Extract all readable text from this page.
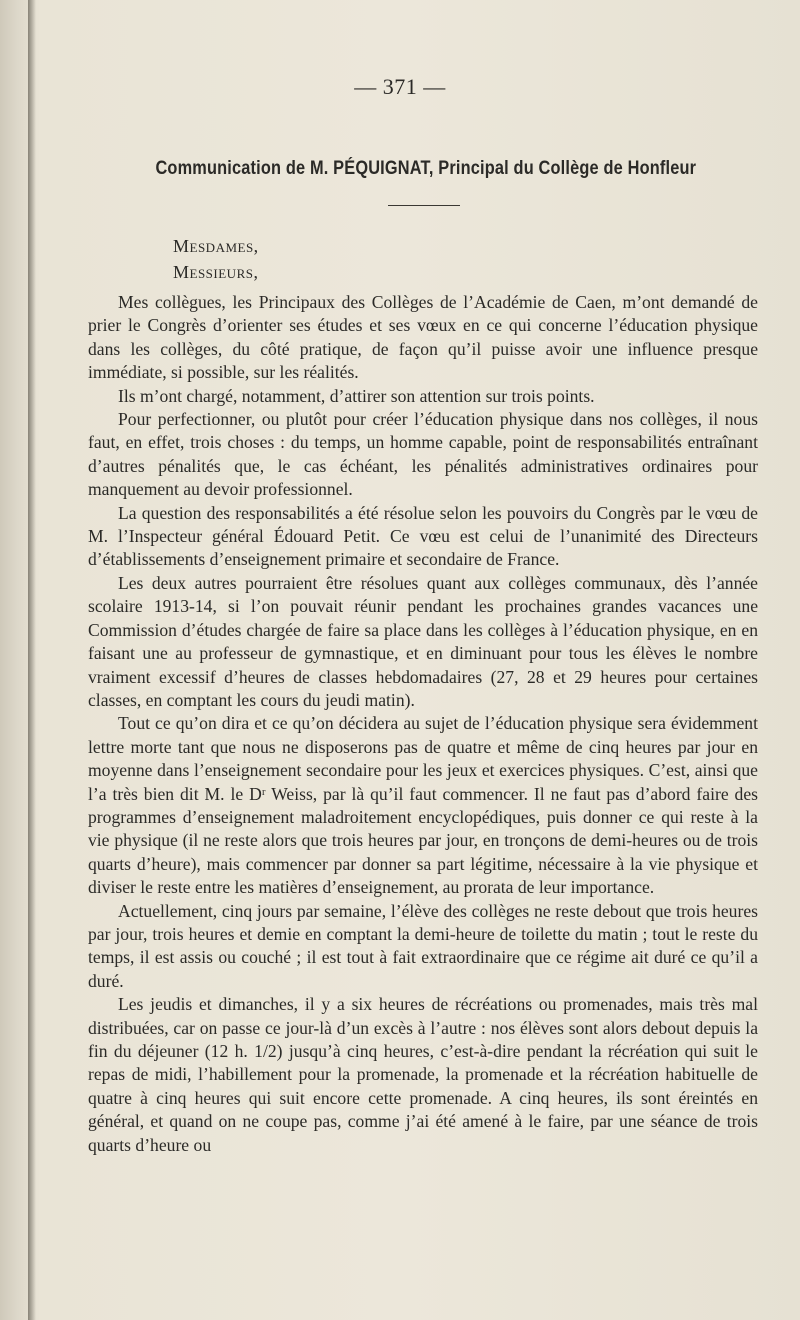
— 371 —
Communication de M. PÉQUIGNAT, Principal du Collège de Honfleur
Mesdames,
Messieurs,

Mes collègues, les Principaux des Collèges de l’Académie de Caen, m’ont demandé de prier le Congrès d’orienter ses études et ses vœux en ce qui concerne l’éducation physique dans les collèges, du côté pratique, de façon qu’il puisse avoir une influence presque immédiate, si possible, sur les réalités.

Ils m’ont chargé, notamment, d’attirer son attention sur trois points.

Pour perfectionner, ou plutôt pour créer l’éducation physique dans nos collèges, il nous faut, en effet, trois choses : du temps, un homme capable, point de responsabilités entraînant d’autres pénalités que, le cas échéant, les pénalités administratives ordinaires pour manquement au devoir professionnel.

La question des responsabilités a été résolue selon les pouvoirs du Congrès par le vœu de M. l’Inspecteur général Édouard Petit. Ce vœu est celui de l’unanimité des Directeurs d’établissements d’enseignement primaire et secondaire de France.

Les deux autres pourraient être résolues quant aux collèges communaux, dès l’année scolaire 1913-14, si l’on pouvait réunir pendant les prochaines grandes vacances une Commission d’études chargée de faire sa place dans les collèges à l’éducation physique, en en faisant une au professeur de gymnastique, et en diminuant pour tous les élèves le nombre vraiment excessif d’heures de classes hebdomadaires (27, 28 et 29 heures pour certaines classes, en comptant les cours du jeudi matin).

Tout ce qu’on dira et ce qu’on décidera au sujet de l’éducation physique sera évidemment lettre morte tant que nous ne disposerons pas de quatre et même de cinq heures par jour en moyenne dans l’enseignement secondaire pour les jeux et exercices physiques. C’est, ainsi que l’a très bien dit M. le Dʳ Weiss, par là qu’il faut commencer. Il ne faut pas d’abord faire des programmes d’enseignement maladroitement encyclopédiques, puis donner ce qui reste à la vie physique (il ne reste alors que trois heures par jour, en tronçons de demi-heures ou de trois quarts d’heure), mais commencer par donner sa part légitime, nécessaire à la vie physique et diviser le reste entre les matières d’enseignement, au prorata de leur importance.

Actuellement, cinq jours par semaine, l’élève des collèges ne reste debout que trois heures par jour, trois heures et demie en comptant la demi-heure de toilette du matin ; tout le reste du temps, il est assis ou couché ; il est tout à fait extraordinaire que ce régime ait duré ce qu’il a duré.

Les jeudis et dimanches, il y a six heures de récréations ou promenades, mais très mal distribuées, car on passe ce jour-là d’un excès à l’autre : nos élèves sont alors debout depuis la fin du déjeuner (12 h. 1/2) jusqu’à cinq heures, c’est-à-dire pendant la récréation qui suit le repas de midi, l’habillement pour la promenade, la promenade et la récréation habituelle de quatre à cinq heures qui suit encore cette promenade. A cinq heures, ils sont éreintés en général, et quand on ne coupe pas, comme j’ai été amené à le faire, par une séance de trois quarts d’heure ou
